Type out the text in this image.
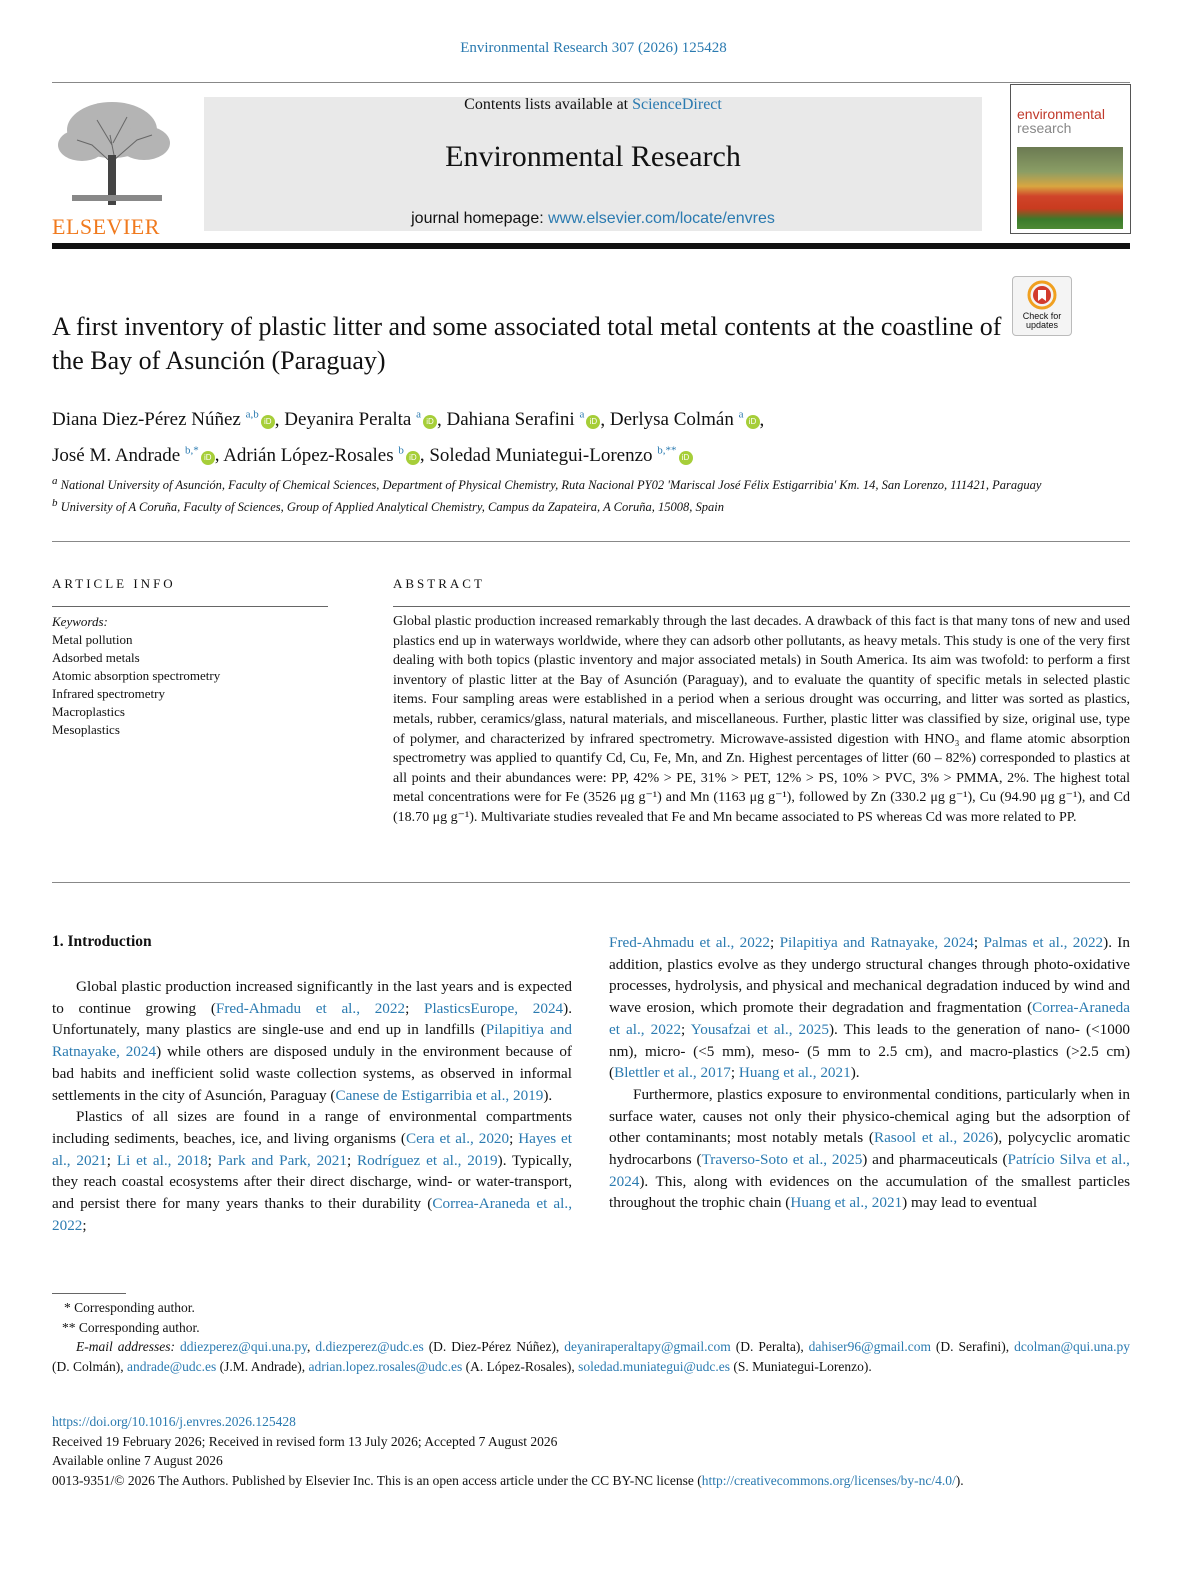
Environmental Research 307 (2026) 125428
ELSEVIER
Contents lists available at ScienceDirect
Environmental Research
journal homepage: www.elsevier.com/locate/envres
environmental
research
Check for
updates
A first inventory of plastic litter and some associated total metal contents at the coastline of the Bay of Asunción (Paraguay)
Diana Diez-Pérez Núñez $^{a,b}$iD , Deyanira Peralta $^a$iD , Dahiana Serafini $^a$iD , Derlysa Colmán $^a$iD ,
José M. Andrade $^{b,*}$iD , Adrián López-Rosales $^b$iD , Soledad Muniategui-Lorenzo $^{b,**}$iD
$^a$ National University of Asunción, Faculty of Chemical Sciences, Department of Physical Chemistry, Ruta Nacional PY02 'Mariscal José Félix Estigarribia' Km. 14, San Lorenzo, 111421, Paraguay
$^b$ University of A Coruña, Faculty of Sciences, Group of Applied Analytical Chemistry, Campus da Zapateira, A Coruña, 15008, Spain
ARTICLE INFO	ABSTRACT
Keywords:
Metal pollution
Adsorbed metals
Atomic absorption spectrometry
Infrared spectrometry
Macroplastics
Mesoplastics
Global plastic production increased remarkably through the last decades. A drawback of this fact is that many tons of new and used plastics end up in waterways worldwide, where they can adsorb other pollutants, as heavy metals. This study is one of the very first dealing with both topics (plastic inventory and major associated metals) in South America. Its aim was twofold: to perform a first inventory of plastic litter at the Bay of Asunción (Paraguay), and to evaluate the quantity of specific metals in selected plastic items. Four sampling areas were established in a period when a serious drought was occurring, and litter was sorted as plastics, metals, rubber, ceramics/glass, natural materials, and miscellaneous. Further, plastic litter was classified by size, original use, type of polymer, and characterized by infrared spectrometry. Microwave-assisted digestion with HNO₃ and flame atomic absorption spectrometry was applied to quantify Cd, Cu, Fe, Mn, and Zn. Highest percentages of litter (60 – 82%) corresponded to plastics at all points and their abundances were: PP, 42% > PE, 31% > PET, 12% > PS, 10% > PVC, 3% > PMMA, 2%. The highest total metal concentrations were for Fe (3526 μg g⁻¹) and Mn (1163 μg g⁻¹), followed by Zn (330.2 μg g⁻¹), Cu (94.90 μg g⁻¹), and Cd (18.70 μg g⁻¹). Multivariate studies revealed that Fe and Mn became associated to PS whereas Cd was more related to PP.
1. Introduction

Global plastic production increased significantly in the last years and is expected to continue growing (Fred-Ahmadu et al., 2022; PlasticsEurope, 2024). Unfortunately, many plastics are single-use and end up in landfills (Pilapitiya and Ratnayake, 2024) while others are disposed unduly in the environment because of bad habits and inefficient solid waste collection systems, as observed in informal settlements in the city of Asunción, Paraguay (Canese de Estigarribia et al., 2019).

Plastics of all sizes are found in a range of environmental compartments including sediments, beaches, ice, and living organisms (Cera et al., 2020; Hayes et al., 2021; Li et al., 2018; Park and Park, 2021; Rodríguez et al., 2019). Typically, they reach coastal ecosystems after their direct discharge, wind- or water-transport, and persist there for many years thanks to their durability (Correa-Araneda et al., 2022;

Fred-Ahmadu et al., 2022; Pilapitiya and Ratnayake, 2024; Palmas et al., 2022). In addition, plastics evolve as they undergo structural changes through photo-oxidative processes, hydrolysis, and physical and mechanical degradation induced by wind and wave erosion, which promote their degradation and fragmentation (Correa-Araneda et al., 2022; Yousafzai et al., 2025). This leads to the generation of nano- (<1000 nm), micro- (<5 mm), meso- (5 mm to 2.5 cm), and macro-plastics (>2.5 cm) (Blettler et al., 2017; Huang et al., 2021).

Furthermore, plastics exposure to environmental conditions, particularly when in surface water, causes not only their physico-chemical aging but the adsorption of other contaminants; most notably metals (Rasool et al., 2026), polycyclic aromatic hydrocarbons (Traverso-Soto et al., 2025) and pharmaceuticals (Patrício Silva et al., 2024). This, along with evidences on the accumulation of the smallest particles throughout the trophic chain (Huang et al., 2021) may lead to eventual

* Corresponding author.
** Corresponding author.
E-mail addresses: ddiezperez@qui.una.py, d.diezperez@udc.es (D. Diez-Pérez Núñez), deyaniraperaltapy@gmail.com (D. Peralta), dahiser96@gmail.com (D. Serafini), dcolman@qui.una.py (D. Colmán), andrade@udc.es (J.M. Andrade), adrian.lopez.rosales@udc.es (A. López-Rosales), soledad.muniategui@udc.es (S. Muniategui-Lorenzo).
https://doi.org/10.1016/j.envres.2026.125428
Received 19 February 2026; Received in revised form 13 July 2026; Accepted 7 August 2026
Available online 7 August 2026
0013-9351/© 2026 The Authors. Published by Elsevier Inc. This is an open access article under the CC BY-NC license (http://creativecommons.org/licenses/by-nc/4.0/).
